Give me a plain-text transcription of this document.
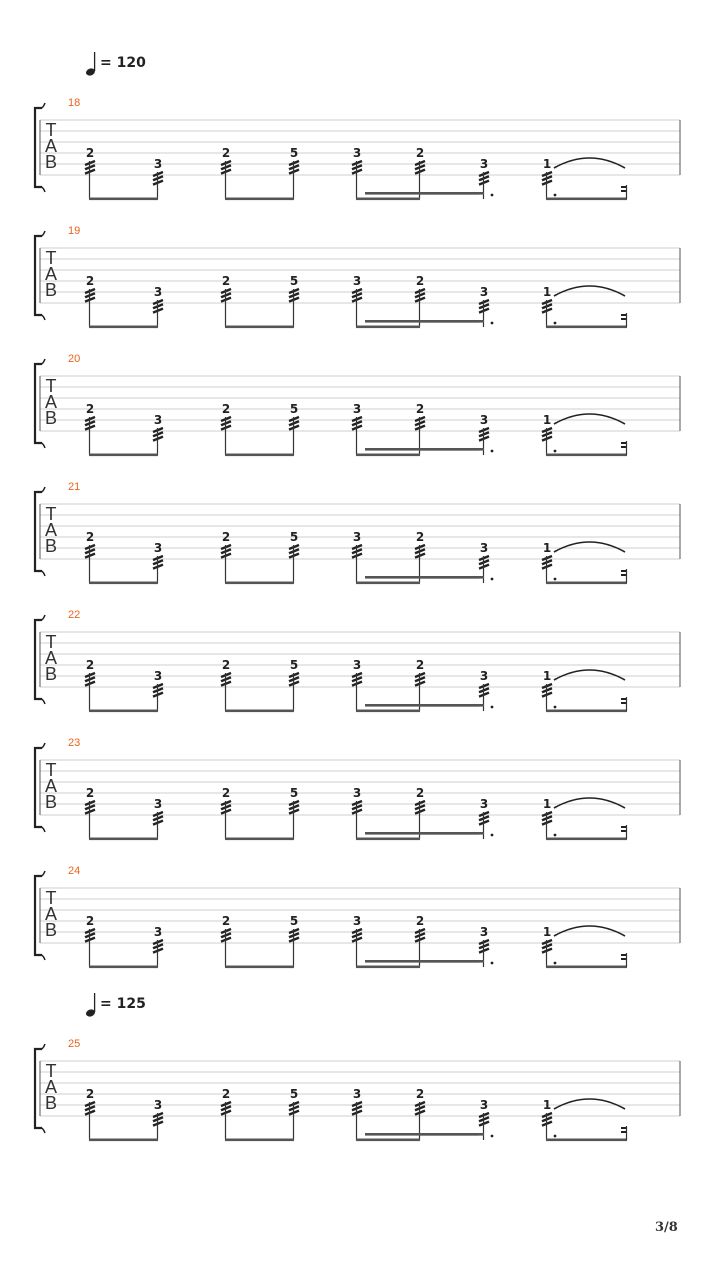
= 120
= 125
18
T
A
B 2
3
2	5	3	2
3	1
19
T
A
B 2
3
2	5	3	2
3	1
20
T
A
B 2
3
2	5	3	2
3	1
21
T
A
B 2
3
2	5	3	2
3	1
22
T
A
B 2
3
2	5	3	2
3	1
23
T
A
B 2
3
2	5	3	2
3	1
24
T
A
B 2
3
2	5	3	2
3	1
25
T
A
B 2
3
2	5	3	2
3	1
3/8
